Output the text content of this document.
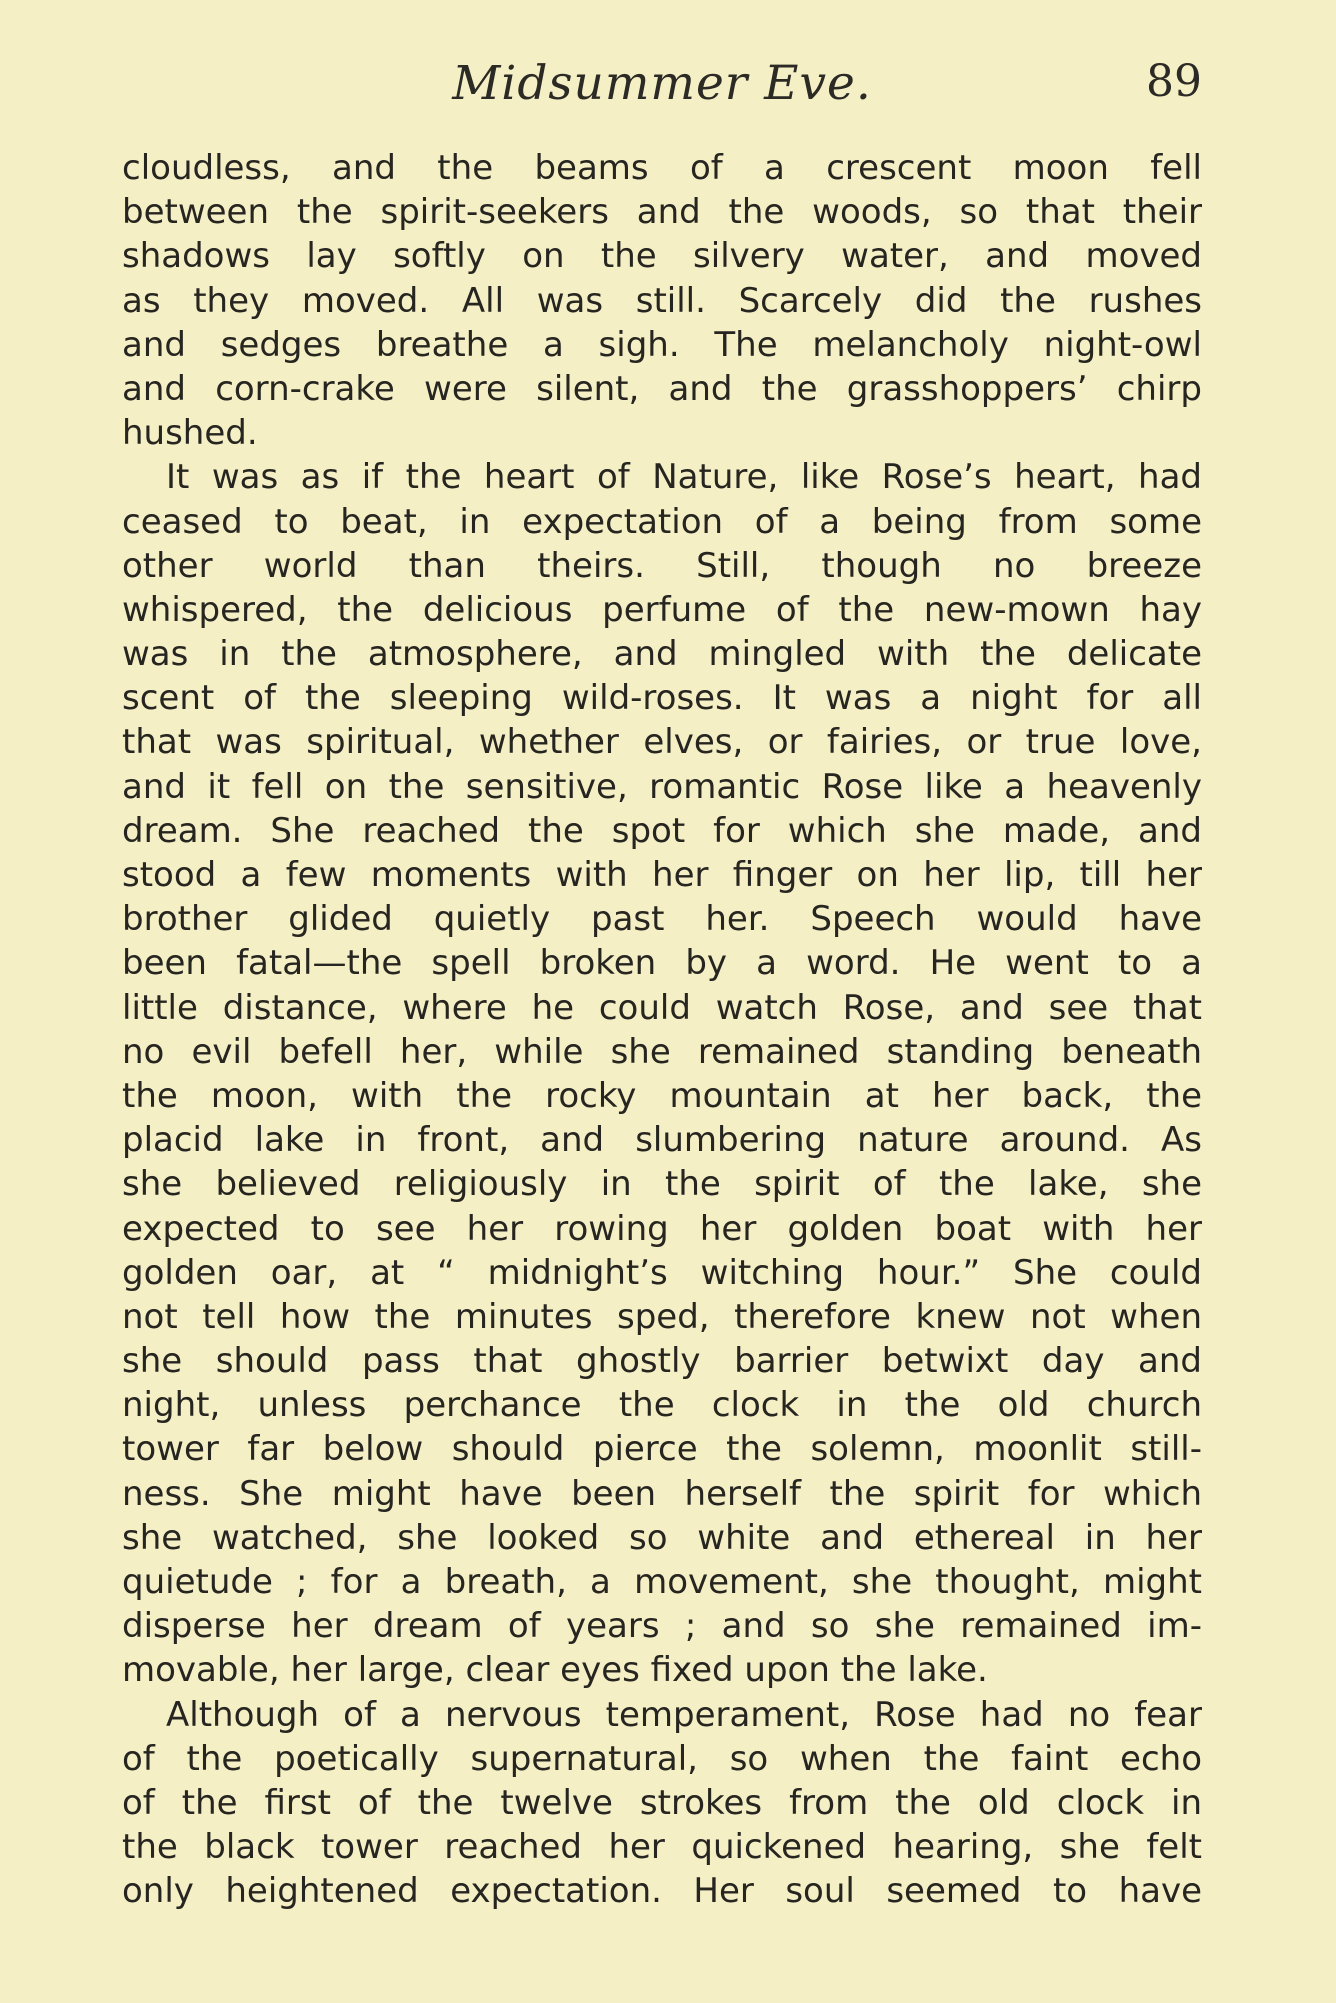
Midsummer Eve.	89
cloudless, and the beams of a crescent moon fell
between the spirit-seekers and the woods, so that their
shadows lay softly on the silvery water, and moved
as they moved. All was still. Scarcely did the rushes
and sedges breathe a sigh. The melancholy night-owl
and corn-crake were silent, and the grasshoppers’ chirp
hushed.
It was as if the heart of Nature, like Rose’s heart, had
ceased to beat, in expectation of a being from some
other world than theirs. Still, though no breeze
whispered, the delicious perfume of the new-mown hay
was in the atmosphere, and mingled with the delicate
scent of the sleeping wild-roses. It was a night for all
that was spiritual, whether elves, or fairies, or true love,
and it fell on the sensitive, romantic Rose like a heavenly
dream. She reached the spot for which she made, and
stood a few moments with her finger on her lip, till her
brother glided quietly past her. Speech would have
been fatal—the spell broken by a word. He went to a
little distance, where he could watch Rose, and see that
no evil befell her, while she remained standing beneath
the moon, with the rocky mountain at her back, the
placid lake in front, and slumbering nature around. As
she believed religiously in the spirit of the lake, she
expected to see her rowing her golden boat with her
golden oar, at “ midnight’s witching hour.” She could
not tell how the minutes sped, therefore knew not when
she should pass that ghostly barrier betwixt day and
night, unless perchance the clock in the old church
tower far below should pierce the solemn, moonlit still-
ness. She might have been herself the spirit for which
she watched, she looked so white and ethereal in her
quietude ; for a breath, a movement, she thought, might
disperse her dream of years ; and so she remained im-
movable, her large, clear eyes fixed upon the lake.
Although of a nervous temperament, Rose had no fear
of the poetically supernatural, so when the faint echo
of the first of the twelve strokes from the old clock in
the black tower reached her quickened hearing, she felt
only heightened expectation. Her soul seemed to have
